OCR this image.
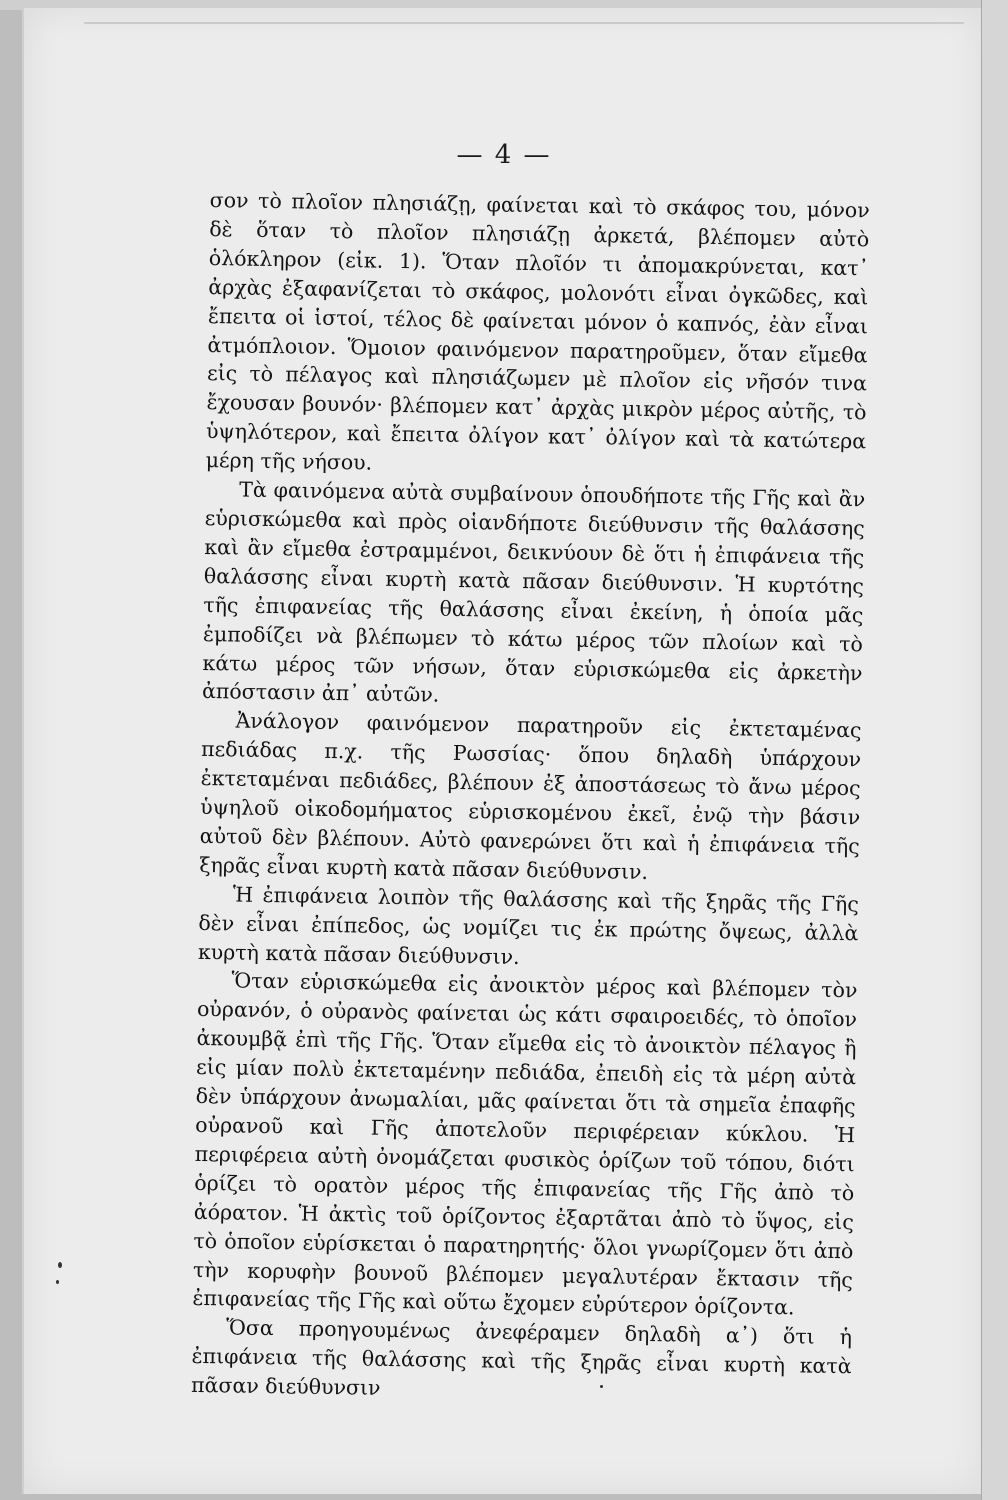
— 4 —

σον τὸ πλοῖον πλησιάζῃ, φαίνεται καὶ τὸ σκάφος του, μόνον δὲ ὅταν τὸ πλοῖον πλησιάζῃ ἀρκετά, βλέπομεν αὐτὸ ὁλόκληρον (εἰκ. 1). Ὅταν πλοῖόν τι ἀπομακρύνεται, κατ᾽ ἀρχὰς ἐξαφανίζεται τὸ σκάφος, μολονότι εἶναι ὀγκῶδες, καὶ ἔπειτα οἱ ἱστοί, τέλος δὲ φαίνεται μόνον ὁ καπνός, ἐὰν εἶναι ἀτμόπλοιον. Ὅμοιον φαινόμενον παρατηροῦμεν, ὅταν εἴμεθα εἰς τὸ πέλαγος καὶ πλησιάζωμεν μὲ πλοῖον εἰς νῆσόν τινα ἔχουσαν βουνόν· βλέπομεν κατ᾽ ἀρχὰς μικρὸν μέρος αὐτῆς, τὸ ὑψηλότερον, καὶ ἔπειτα ὀλίγον κατ᾽ ὀλίγον καὶ τὰ κατώτερα μέρη τῆς νήσου.

Τὰ φαινόμενα αὐτὰ συμβαίνουν ὁπουδήποτε τῆς Γῆς καὶ ἂν εὑρισκώμεθα καὶ πρὸς οἱανδήποτε διεύθυνσιν τῆς θαλάσσης καὶ ἂν εἴμεθα ἐστραμμένοι, δεικνύουν δὲ ὅτι ἡ ἐπιφάνεια τῆς θαλάσσης εἶναι κυρτὴ κατὰ πᾶσαν διεύθυνσιν. Ἡ κυρτότης τῆς ἐπιφανείας τῆς θαλάσσης εἶναι ἐκείνη, ἡ ὁποία μᾶς ἐμποδίζει νὰ βλέπωμεν τὸ κάτω μέρος τῶν πλοίων καὶ τὸ κάτω μέρος τῶν νήσων, ὅταν εὑρισκώμεθα εἰς ἀρκετὴν ἀπόστασιν ἀπ᾽ αὐτῶν.

Ἀνάλογον φαινόμενον παρατηροῦν εἰς ἐκτεταμένας πεδιάδας π.χ. τῆς Ρωσσίας· ὅπου δηλαδὴ ὑπάρχουν ἐκτεταμέναι πεδιάδες, βλέπουν ἐξ ἀποστάσεως τὸ ἄνω μέρος ὑψηλοῦ οἰκοδομήματος εὑρισκομένου ἐκεῖ, ἐνῷ τὴν βάσιν αὐτοῦ δὲν βλέπουν. Αὐτὸ φανερώνει ὅτι καὶ ἡ ἐπιφάνεια τῆς ξηρᾶς εἶναι κυρτὴ κατὰ πᾶσαν διεύθυνσιν.

Ἡ ἐπιφάνεια λοιπὸν τῆς θαλάσσης καὶ τῆς ξηρᾶς τῆς Γῆς δὲν εἶναι ἐπίπεδος, ὡς νομίζει τις ἐκ πρώτης ὄψεως, ἀλλὰ κυρτὴ κατὰ πᾶσαν διεύθυνσιν.

Ὅταν εὑρισκώμεθα εἰς ἀνοικτὸν μέρος καὶ βλέπομεν τὸν οὐρανόν, ὁ οὐρανὸς φαίνεται ὡς κάτι σφαιροειδές, τὸ ὁποῖον ἀκουμβᾷ ἐπὶ τῆς Γῆς. Ὅταν εἴμεθα εἰς τὸ ἀνοικτὸν πέλαγος ἢ εἰς μίαν πολὺ ἐκτεταμένην πεδιάδα, ἐπειδὴ εἰς τὰ μέρη αὐτὰ δὲν ὑπάρχουν ἀνωμαλίαι, μᾶς φαίνεται ὅτι τὰ σημεῖα ἐπαφῆς οὐρανοῦ καὶ Γῆς ἀποτελοῦν περιφέρειαν κύκλου. Ἡ περιφέρεια αὐτὴ ὀνομάζεται φυσικὸς ὁρίζων τοῦ τόπου, διότι ὁρίζει τὸ ορατὸν μέρος τῆς ἐπιφανείας τῆς Γῆς ἀπὸ τὸ ἀόρατον. Ἡ ἀκτὶς τοῦ ὁρίζοντος ἐξαρτᾶται ἀπὸ τὸ ὕψος, εἰς τὸ ὁποῖον εὑρίσκεται ὁ παρατηρητής· ὅλοι γνωρίζομεν ὅτι ἀπὸ τὴν κορυφὴν βουνοῦ βλέπομεν μεγαλυτέραν ἔκτασιν τῆς ἐπιφανείας τῆς Γῆς καὶ οὕτω ἔχομεν εὐρύτερον ὁρίζοντα.

Ὅσα προηγουμένως ἀνεφέραμεν δηλαδὴ α᾽) ὅτι ἡ ἐπιφάνεια τῆς θαλάσσης καὶ τῆς ξηρᾶς εἶναι κυρτὴ κατὰ πᾶσαν διεύθυνσιν
